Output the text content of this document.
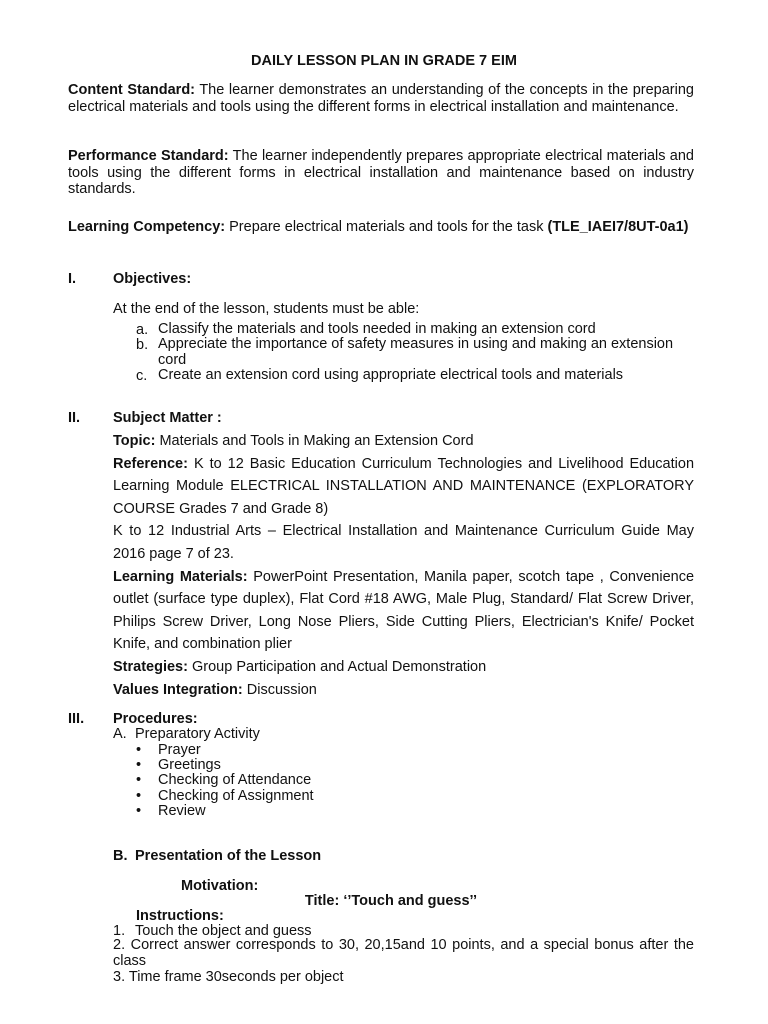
DAILY LESSON PLAN IN GRADE 7 EIM
Content Standard: The learner demonstrates an understanding of the concepts in the preparing electrical materials and tools using the different forms in electrical installation and maintenance.
Performance Standard: The learner independently prepares appropriate electrical materials and tools using the different forms in electrical installation and maintenance based on industry standards.
Learning Competency: Prepare electrical materials and tools for the task (TLE_IAEI7/8UT-0a1)
I.	Objectives:
At the end of the lesson, students must be able:
a. Classify the materials and tools needed in making an extension cord
b. Appreciate the importance of safety measures in using and making an extension cord
c. Create an extension cord using appropriate electrical tools and materials
II. Subject Matter :
Topic: Materials and Tools in Making an Extension Cord
Reference: K to 12 Basic Education Curriculum Technologies and Livelihood Education Learning Module ELECTRICAL INSTALLATION AND MAINTENANCE (EXPLORATORY COURSE Grades 7 and Grade 8)
K to 12 Industrial Arts – Electrical Installation and Maintenance Curriculum Guide May 2016 page 7 of 23.
Learning Materials: PowerPoint Presentation, Manila paper, scotch tape , Convenience outlet (surface type duplex), Flat Cord #18 AWG, Male Plug, Standard/ Flat Screw Driver, Philips Screw Driver, Long Nose Pliers, Side Cutting Pliers, Electrician's Knife/ Pocket Knife, and combination plier
Strategies: Group Participation and Actual Demonstration
Values Integration: Discussion
III. Procedures:
A. Preparatory Activity
• Prayer
• Greetings
• Checking of Attendance
• Checking of Assignment
• Review
B. Presentation of the Lesson
Motivation:
Title: ‘’Touch and guess’’
Instructions:
1. Touch the object and guess
2. Correct answer corresponds to 30, 20,15and 10 points, and a special bonus after the class
3. Time frame 30seconds per object
